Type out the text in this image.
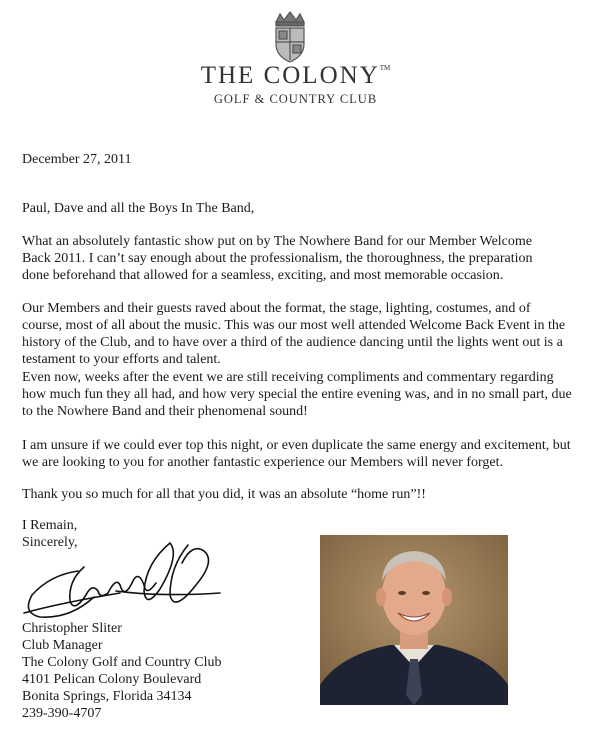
THE COLONY™
GOLF & COUNTRY CLUB
December 27, 2011
Paul, Dave and all the Boys In The Band,
What an absolutely fantastic show put on by The Nowhere Band for our Member Welcome Back 2011. I can’t say enough about the professionalism, the thoroughness, the preparation done beforehand that allowed for a seamless, exciting, and most memorable occasion.
Our Members and their guests raved about the format, the stage, lighting, costumes, and of course, most of all about the music. This was our most well attended Welcome Back Event in the history of the Club, and to have over a third of the audience dancing until the lights went out is a testament to your efforts and talent.
Even now, weeks after the event we are still receiving compliments and commentary regarding how much fun they all had, and how very special the entire evening was, and in no small part, due to the Nowhere Band and their phenomenal sound!
I am unsure if we could ever top this night, or even duplicate the same energy and excitement, but we are looking to you for another fantastic experience our Members will never forget.
Thank you so much for all that you did, it was an absolute “home run”!!
I Remain,
Sincerely,
Christopher Sliter
Club Manager
The Colony Golf and Country Club
4101 Pelican Colony Boulevard
Bonita Springs, Florida 34134
239-390-4707
